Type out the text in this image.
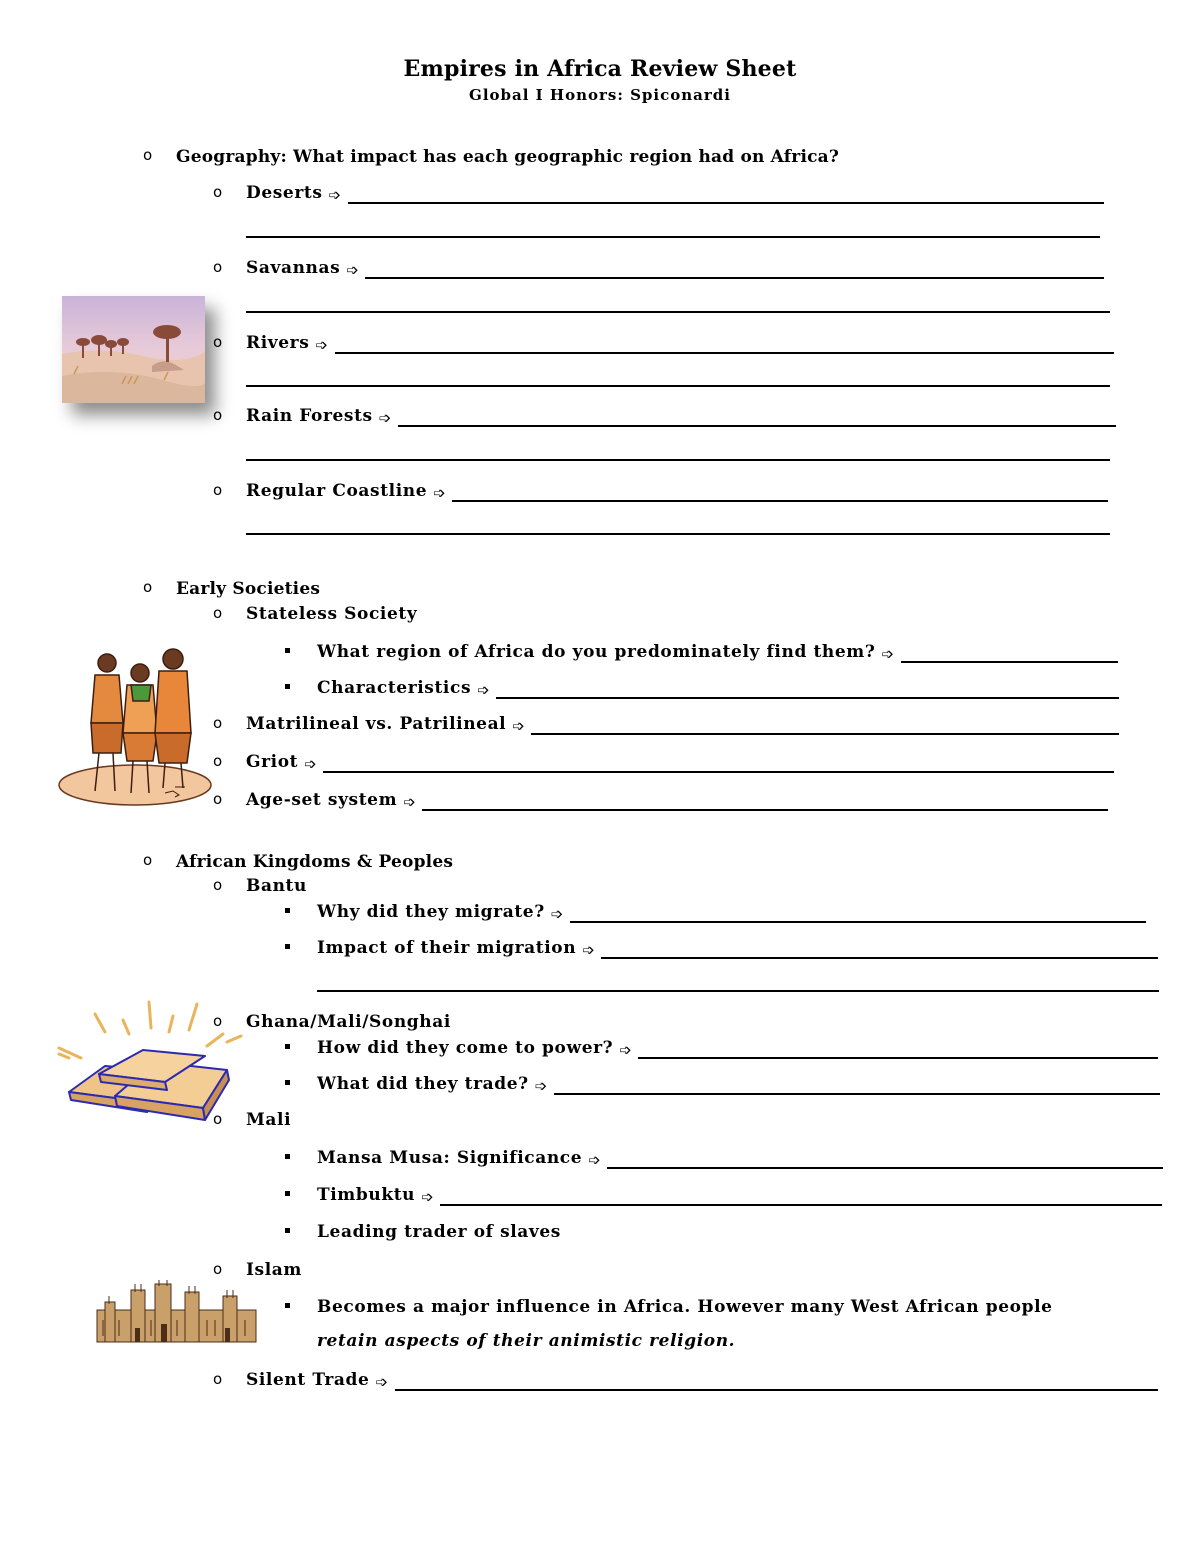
Empires in Africa Review Sheet
Global I Honors: Spiconardi
o Geography: What impact has each geographic region had on Africa?
o Deserts ➩
o Savannas ➩
o Rivers ➩
o Rain Forests ➩
o Regular Coastline ➩
o Early Societies
o Stateless Society
What region of Africa do you predominately find them? ➩
Characteristics ➩
o Matrilineal vs. Patrilineal ➩
o Griot ➩
o Age-set system ➩
o African Kingdoms & Peoples
o Bantu
Why did they migrate? ➩
Impact of their migration ➩
o Ghana/Mali/Songhai
How did they come to power? ➩
What did they trade? ➩
o Mali
Mansa Musa: Significance ➩
Timbuktu ➩
Leading trader of slaves
o Islam
Becomes a major influence in Africa. However many West African people
retain aspects of their animistic religion.
o Silent Trade ➩
